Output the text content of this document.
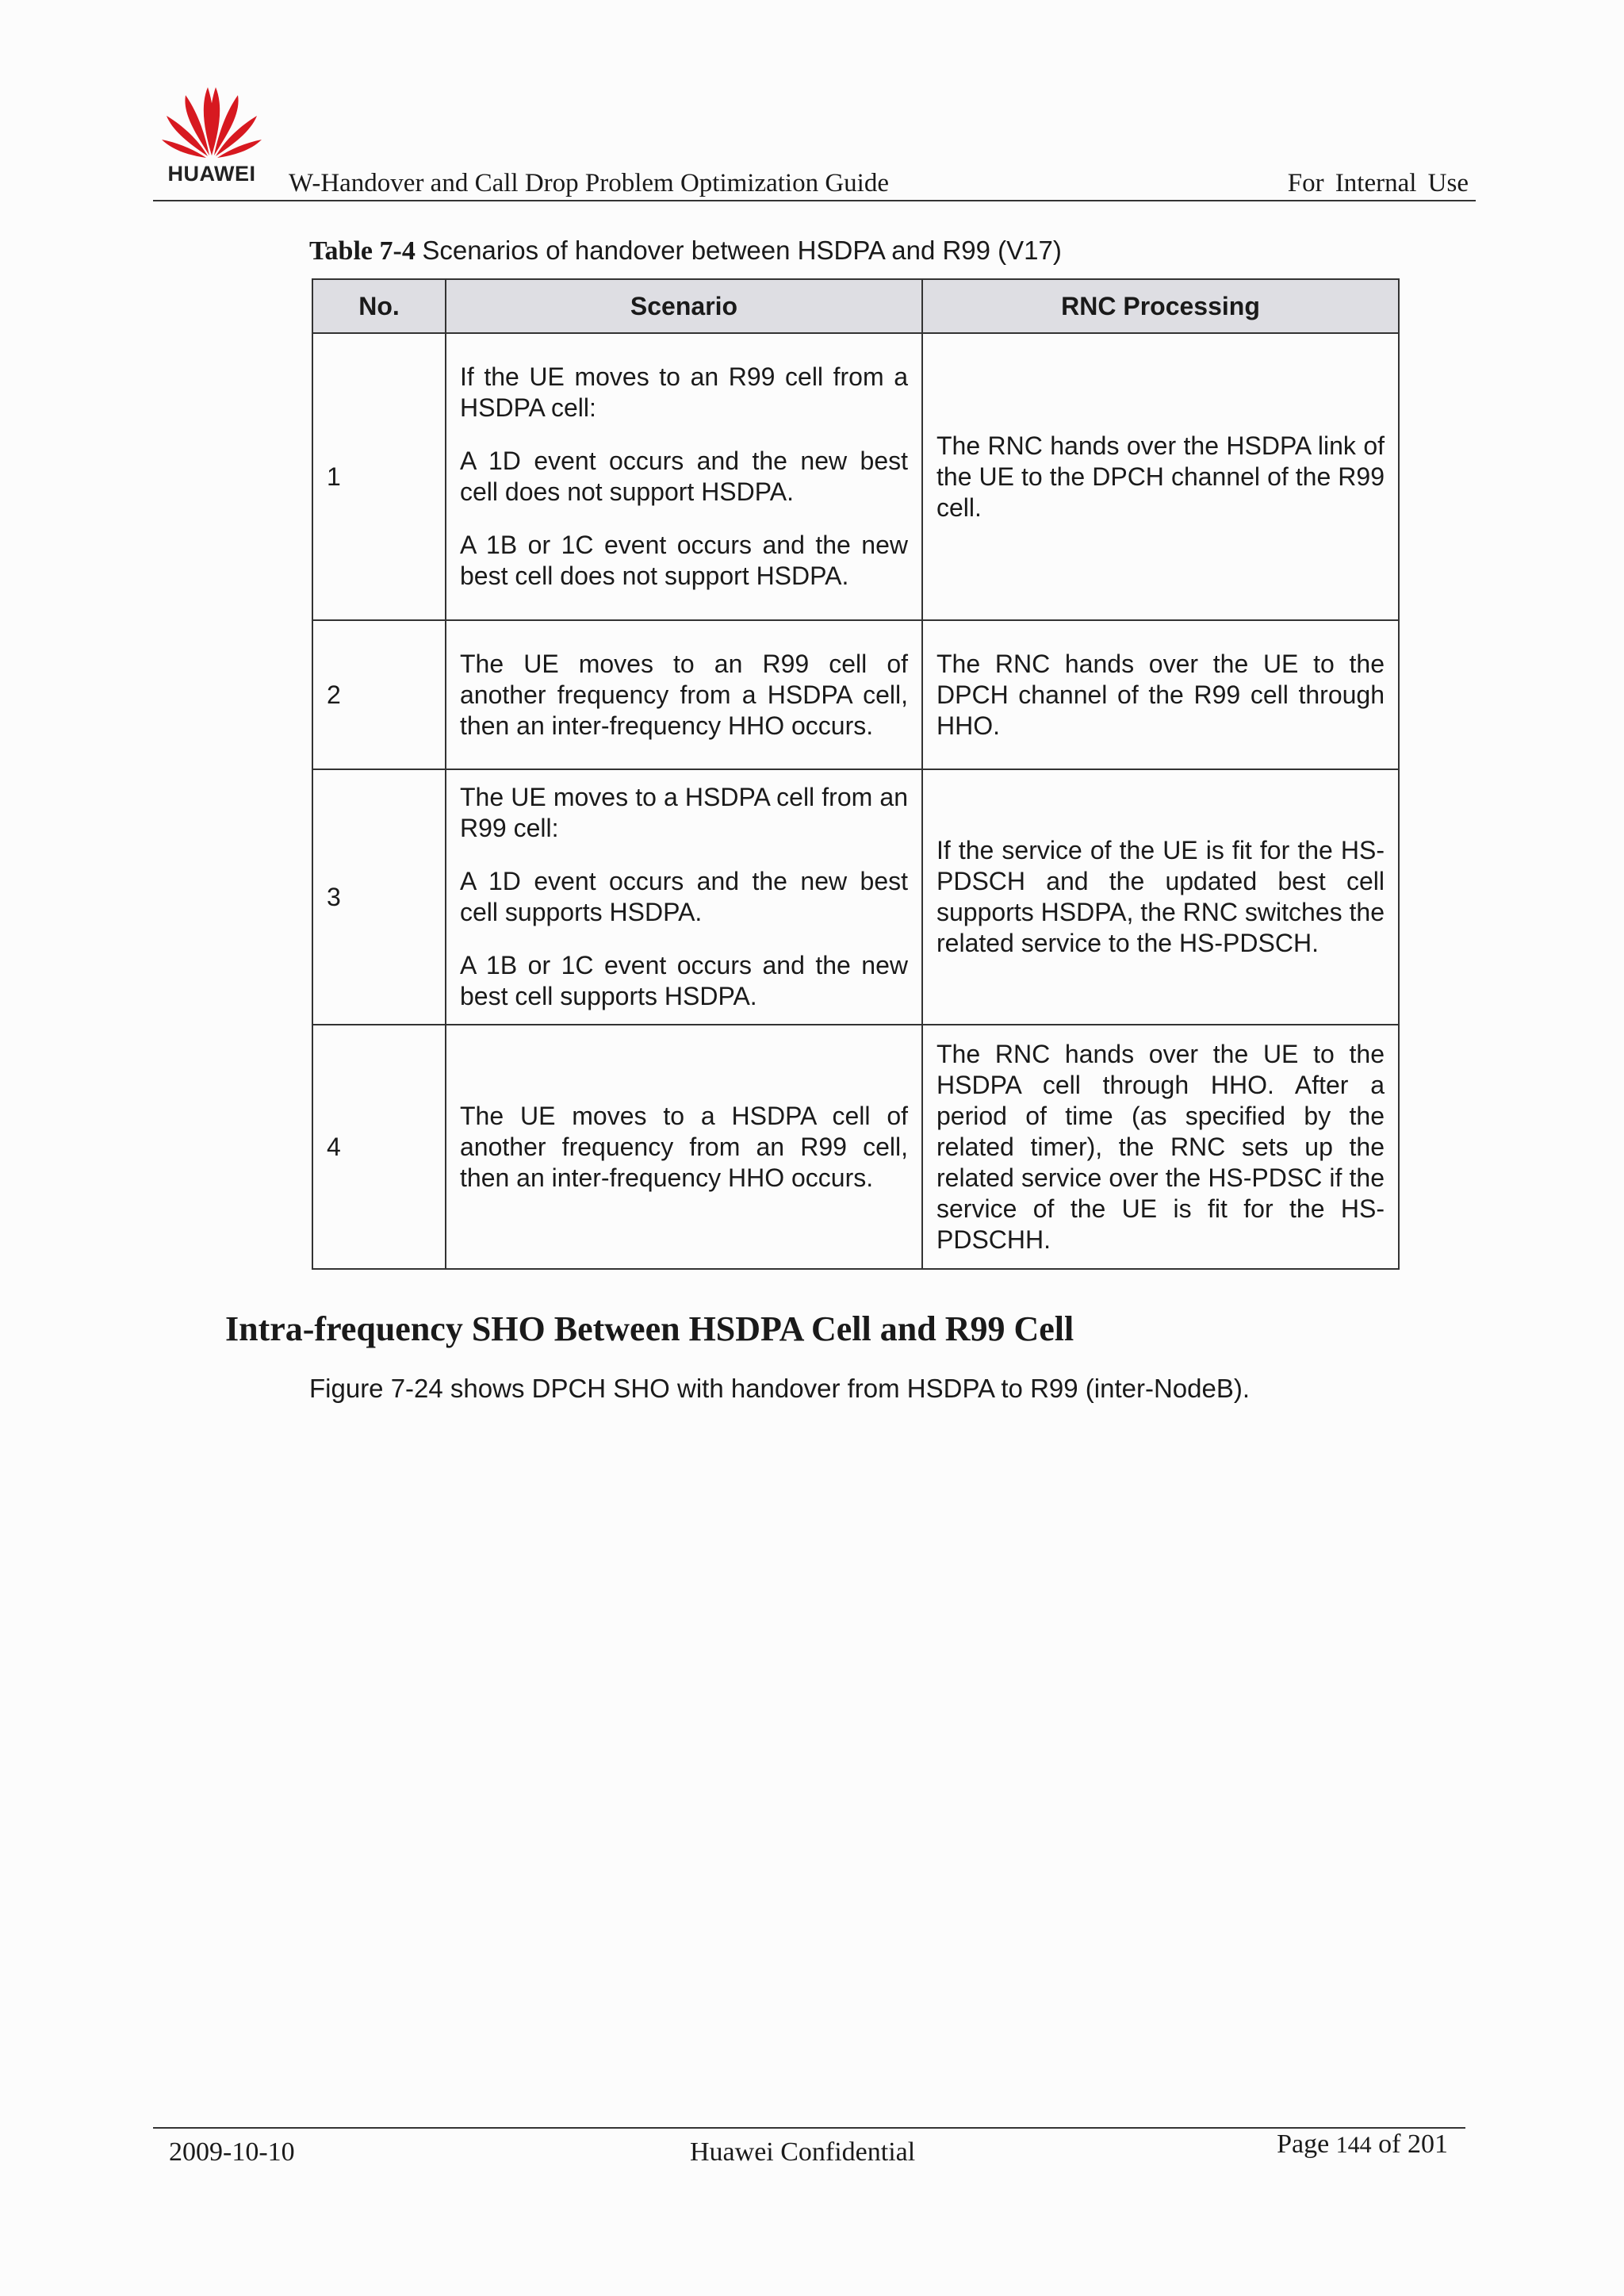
HUAWEI	W-Handover and Call Drop Problem Optimization Guide	For Internal Use
Table 7-4 Scenarios of handover between HSDPA and R99 (V17)
No.	Scenario	RNC Processing
1	If the UE moves to an R99 cell from a HSDPA cell:

A 1D event occurs and the new best cell does not support HSDPA.

A 1B or 1C event occurs and the new best cell does not support HSDPA.	The RNC hands over the HSDPA link of the UE to the DPCH channel of the R99 cell.
2	The UE moves to an R99 cell of another frequency from a HSDPA cell, then an inter-frequency HHO occurs.	The RNC hands over the UE to the DPCH channel of the R99 cell through HHO.
3	The UE moves to a HSDPA cell from an R99 cell:

A 1D event occurs and the new best cell supports HSDPA.

A 1B or 1C event occurs and the new best cell supports HSDPA.	If the service of the UE is fit for the HS-PDSCH and the updated best cell supports HSDPA, the RNC switches the related service to the HS-PDSCH.
4	The UE moves to a HSDPA cell of another frequency from an R99 cell, then an inter-frequency HHO occurs.	The RNC hands over the UE to the HSDPA cell through HHO. After a period of time (as specified by the related timer), the RNC sets up the related service over the HS-PDSC if the service of the UE is fit for the HS-PDSCHH.
Intra-frequency SHO Between HSDPA Cell and R99 Cell
Figure 7-24 shows DPCH SHO with handover from HSDPA to R99 (inter-NodeB).
2009-10-10	Huawei Confidential	Page 144 of 201
